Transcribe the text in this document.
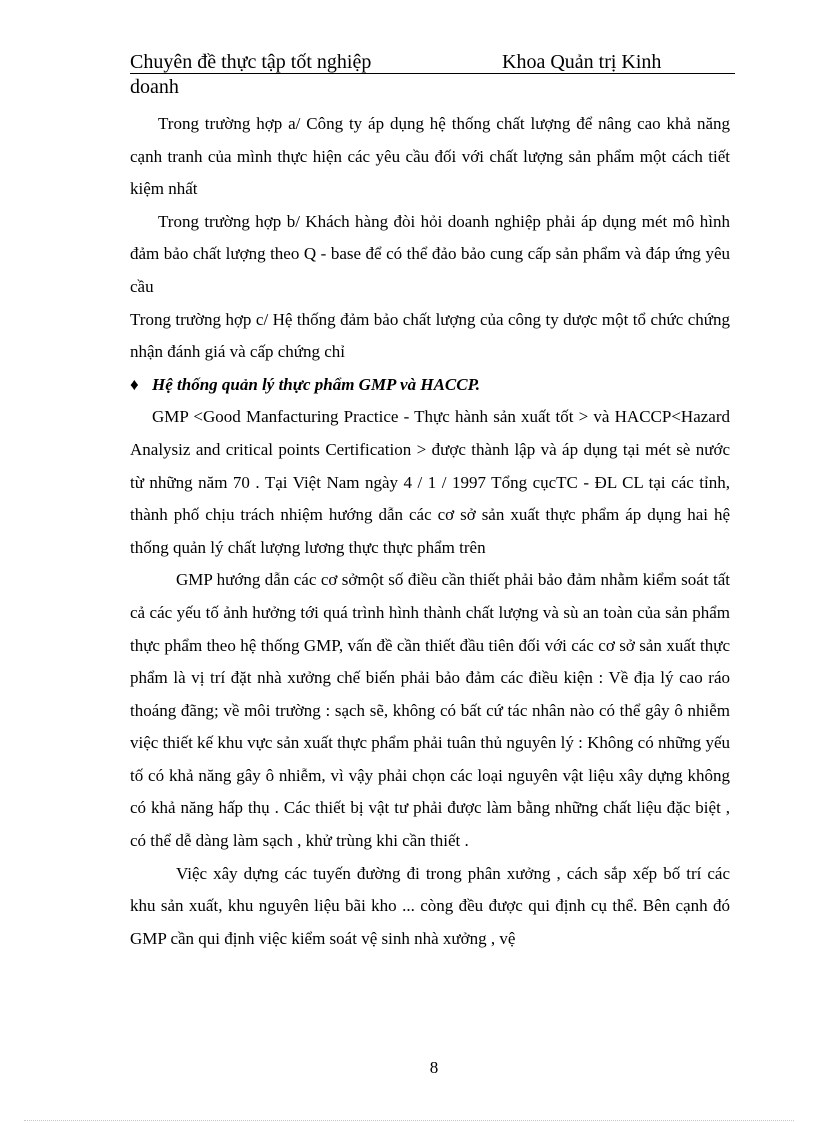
Chuyên đề thực tập tốt nghiệp	Khoa Quản trị Kinh
doanh

Trong trường hợp a/ Công ty áp dụng hệ thống chất lượng để nâng cao khả năng cạnh tranh của mình thực hiện các yêu cầu đối với chất lượng sản phẩm một cách tiết kiệm nhất

Trong trường hợp b/ Khách hàng đòi hỏi doanh nghiệp phải áp dụng mét mô hình đảm bảo chất lượng theo Q - base để có thể đảo bảo cung cấp sản phẩm và đáp ứng yêu cầu

Trong trường hợp c/ Hệ thống đảm bảo chất lượng của công ty dược một tổ chức chứng nhận đánh giá và cấp chứng chỉ

♦ Hệ thống quản lý thực phẩm GMP và HACCP.

GMP <Good Manfacturing Practice - Thực hành sản xuất tốt > và HACCP<Hazard Analysiz and critical points Certification > được thành lập và áp dụng tại mét sè nước từ những năm 70 . Tại Việt Nam ngày 4 / 1 / 1997 Tổng cụcTC - ĐL CL tại các tỉnh, thành phố chịu trách nhiệm hướng dẫn các cơ sở sản xuất thực phẩm áp dụng hai hệ thống quản lý chất lượng lương thực thực phẩm trên

GMP hướng dẫn các cơ sởmột số điều cần thiết phải bảo đảm nhằm kiểm soát tất cả các yếu tố ảnh hưởng tới quá trình hình thành chất lượng và sù an toàn của sản phẩm thực phẩm theo hệ thống GMP, vấn đề cần thiết đầu tiên đối với các cơ sở sản xuất thực phẩm là vị trí đặt nhà xưởng chế biến phải bảo đảm các điều kiện : Về địa lý cao ráo thoáng đãng; về môi trường : sạch sẽ, không có bất cứ tác nhân nào có thể gây ô nhiễm việc thiết kế khu vực sản xuất thực phẩm phải tuân thủ nguyên lý : Không có những yếu tố có khả năng gây ô nhiễm, vì vậy phải chọn các loại nguyên vật liệu xây dựng không có khả năng hấp thụ . Các thiết bị vật tư phải được làm bằng những chất liệu đặc biệt , có thể dễ dàng làm sạch , khử trùng khi cần thiết .

Việc xây dựng các tuyến đường đi trong phân xưởng , cách sắp xếp bố trí các khu sản xuất, khu nguyên liệu bãi kho ... còng đều được qui định cụ thể. Bên cạnh đó GMP cần qui định việc kiểm soát vệ sinh nhà xưởng , vệ

8
